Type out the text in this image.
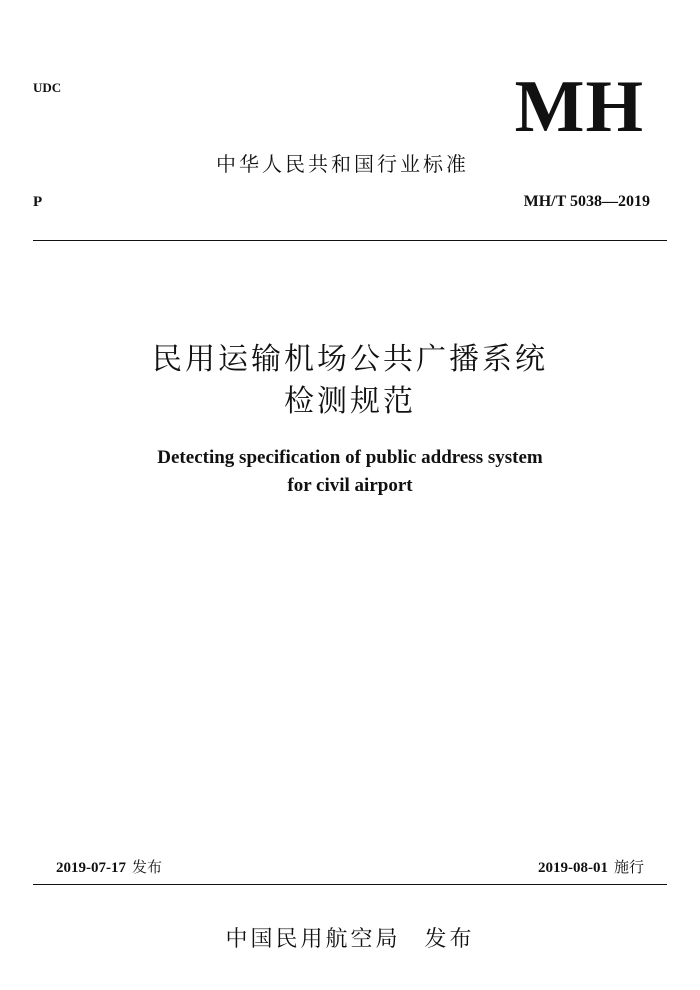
UDC	MH
中华人民共和国行业标准
P	MH/T 5038—2019
民用运输机场公共广播系统
检测规范
Detecting specification of public address system
for civil airport
2019-07-17 发布	2019-08-01 施行
中国民用航空局 发布
